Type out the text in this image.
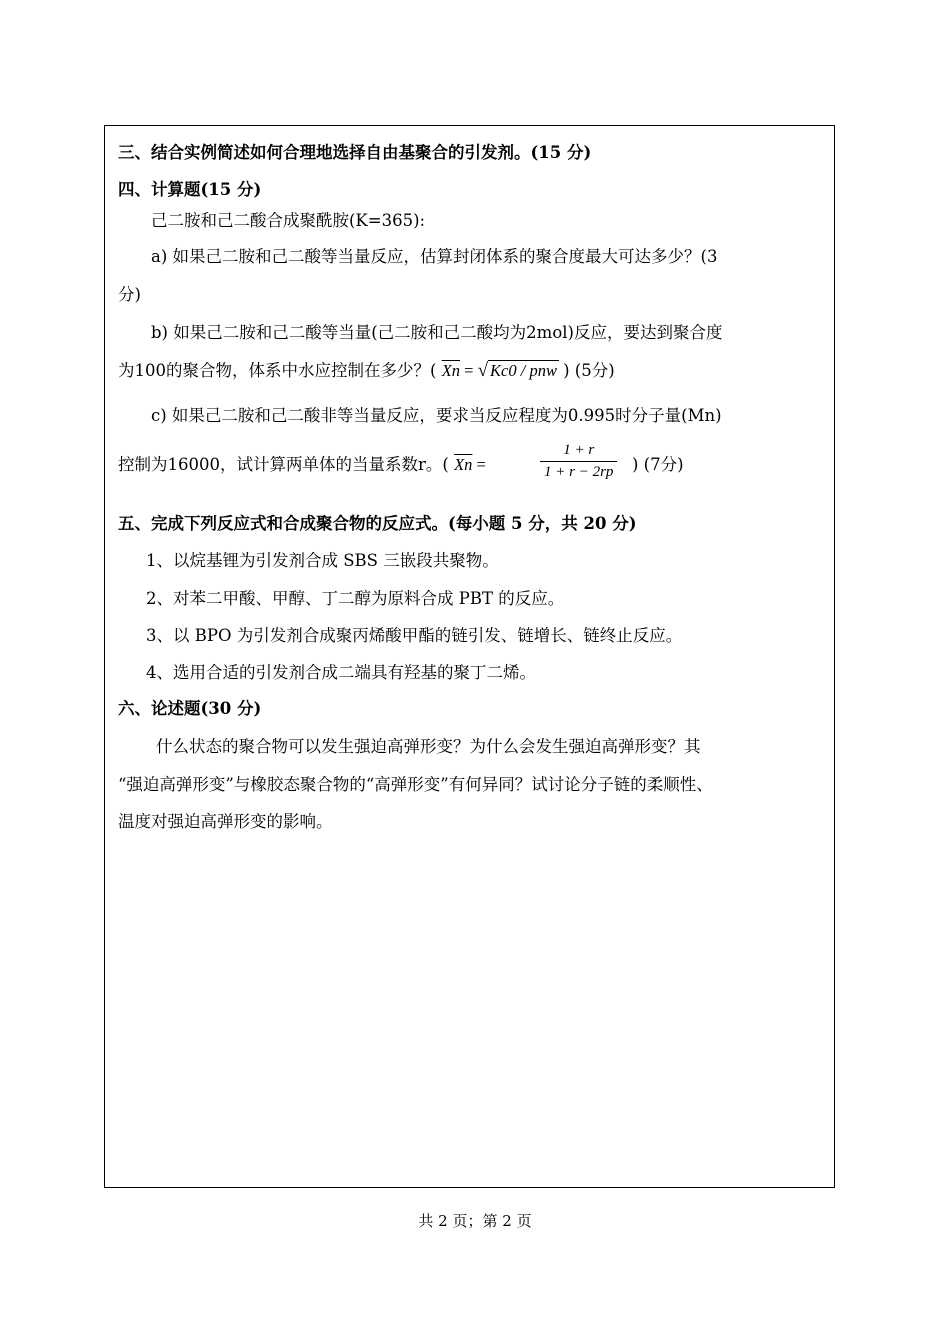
三、结合实例简述如何合理地选择自由基聚合的引发剂。(15 分)
四、计算题(15 分)
己二胺和己二酸合成聚酰胺(K=365):
a) 如果己二胺和己二酸等当量反应，估算封闭体系的聚合度最大可达多少？(3
分)
b) 如果己二胺和己二酸等当量(己二胺和己二酸均为2mol)反应，要达到聚合度
为100的聚合物，体系中水应控制在多少？( $\overline{Xn}$ = √ Kc0 / pnw ) (5分)
c) 如果己二胺和己二酸非等当量反应，要求当反应程度为0.995时分子量(Mn)
控制为16000，试计算两单体的当量系数r。( $\overline{Xn}$ =	$\frac{1 + r}{1 + r - 2rp}$ ) (7分)
五、完成下列反应式和合成聚合物的反应式。(每小题 5 分，共 20 分)
1、以烷基锂为引发剂合成 SBS 三嵌段共聚物。
2、对苯二甲酸、甲醇、丁二醇为原料合成 PBT 的反应。
3、以 BPO 为引发剂合成聚丙烯酸甲酯的链引发、链增长、链终止反应。
4、选用合适的引发剂合成二端具有羟基的聚丁二烯。
六、论述题(30 分)
什么状态的聚合物可以发生强迫高弹形变？为什么会发生强迫高弹形变？其
“强迫高弹形变”与橡胶态聚合物的“高弹形变”有何异同？试讨论分子链的柔顺性、
温度对强迫高弹形变的影响。
共 2 页；第 2 页
